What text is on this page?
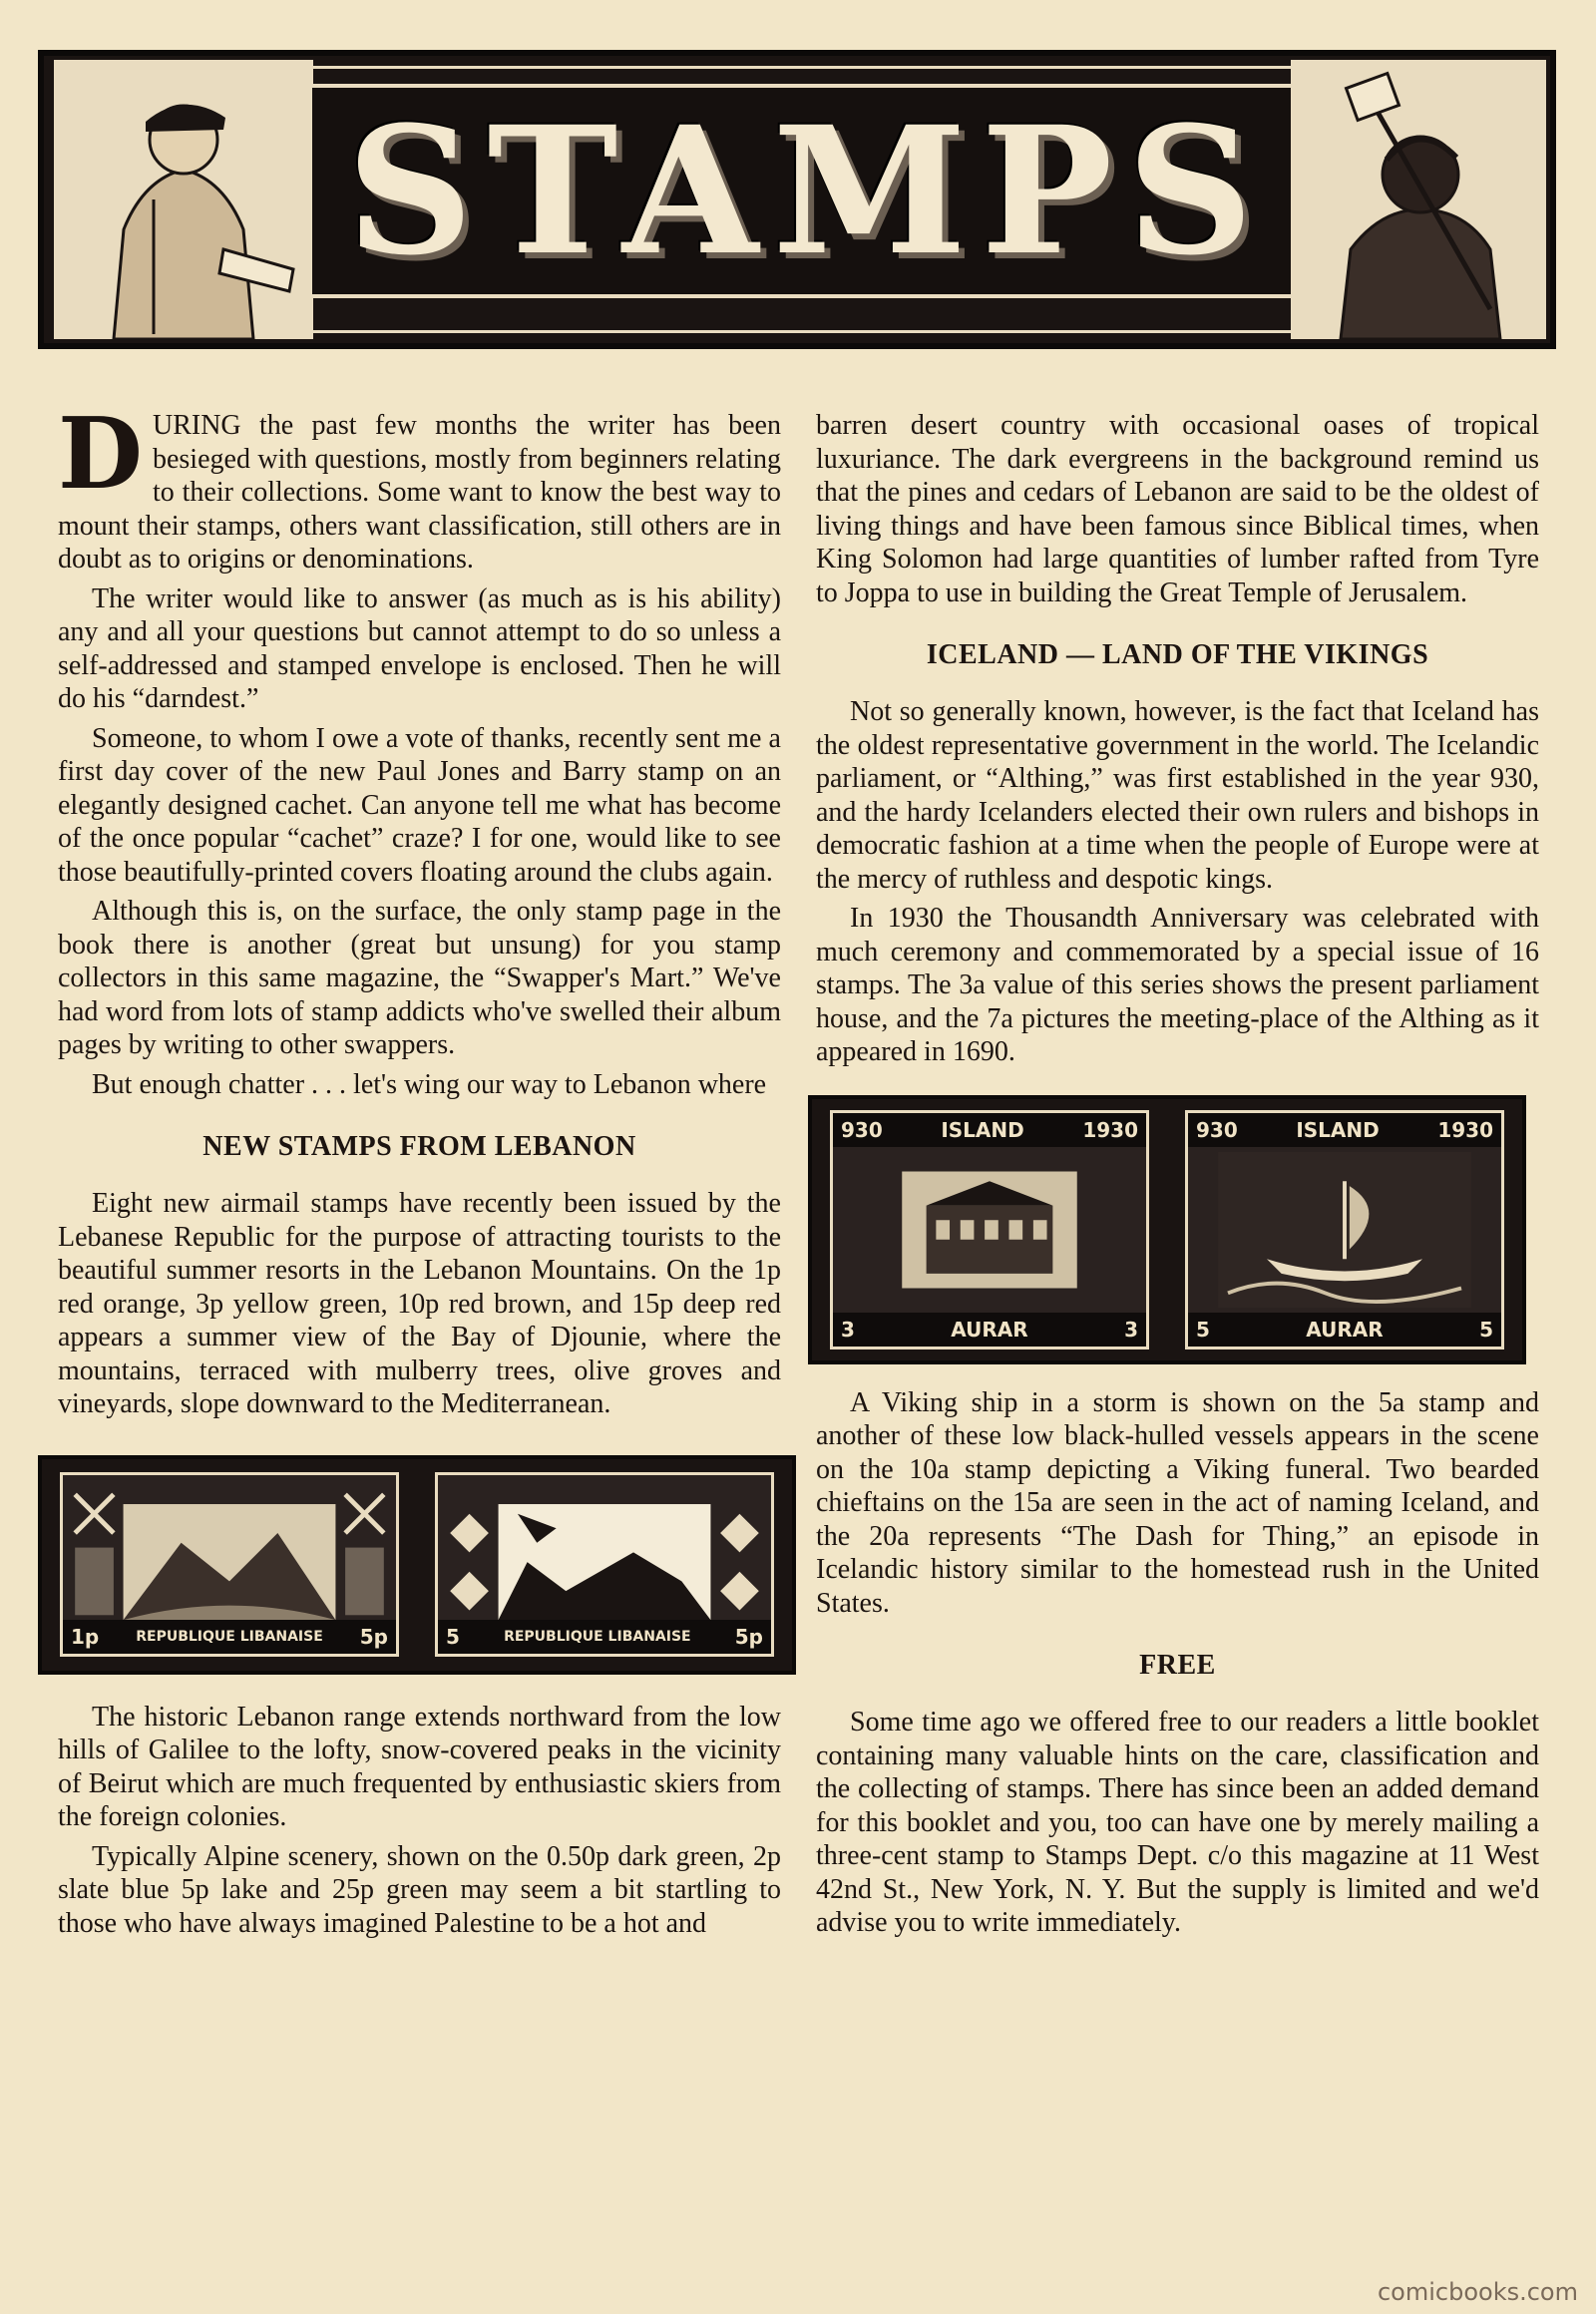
STAMPS

DURING the past few months the writer has been besieged with questions, mostly from beginners relating to their collections. Some want to know the best way to mount their stamps, others want classification, still others are in doubt as to origins or denominations.

The writer would like to answer (as much as is his ability) any and all your questions but cannot attempt to do so unless a self-addressed and stamped envelope is enclosed. Then he will do his “darndest.”

Someone, to whom I owe a vote of thanks, recently sent me a first day cover of the new Paul Jones and Barry stamp on an elegantly designed cachet. Can anyone tell me what has become of the once popular “cachet” craze? I for one, would like to see those beautifully-printed covers floating around the clubs again.

Although this is, on the surface, the only stamp page in the book there is another (great but unsung) for you stamp collectors in this same magazine, the “Swapper's Mart.” We've had word from lots of stamp addicts who've swelled their album pages by writing to other swappers.

But enough chatter . . . let's wing our way to Lebanon where

NEW STAMPS FROM LEBANON

Eight new airmail stamps have recently been issued by the Lebanese Republic for the purpose of attracting tourists to the beautiful summer resorts in the Lebanon Mountains. On the 1p red orange, 3p yellow green, 10p red brown, and 15p deep red appears a summer view of the Bay of Djounie, where the mountains, terraced with mulberry trees, olive groves and vineyards, slope downward to the Mediterranean.

1p	REPUBLIQUE LIBANAISE 5p	5	REPUBLIQUE LIBANAISE 5p

The historic Lebanon range extends northward from the low hills of Galilee to the lofty, snow-covered peaks in the vicinity of Beirut which are much frequented by enthusiastic skiers from the foreign colonies.

Typically Alpine scenery, shown on the 0.50p dark green, 2p slate blue 5p lake and 25p green may seem a bit startling to those who have always imagined Palestine to be a hot and

barren desert country with occasional oases of tropical luxuriance. The dark evergreens in the background remind us that the pines and cedars of Lebanon are said to be the oldest of living things and have been famous since Biblical times, when King Solomon had large quantities of lumber rafted from Tyre to Joppa to use in building the Great Temple of Jerusalem.

ICELAND — LAND OF THE VIKINGS

Not so generally known, however, is the fact that Iceland has the oldest representative government in the world. The Icelandic parliament, or “Althing,” was first established in the year 930, and the hardy Icelanders elected their own rulers and bishops in democratic fashion at a time when the people of Europe were at the mercy of ruthless and despotic kings.

In 1930 the Thousandth Anniversary was celebrated with much ceremony and commemorated by a special issue of 16 stamps. The 3a value of this series shows the present parliament house, and the 7a pictures the meeting-place of the Althing as it appeared in 1690.

930	ISLAND	1930
3	AURAR	3
930	ISLAND	1930
5	AURAR	5

A Viking ship in a storm is shown on the 5a stamp and another of these low black-hulled vessels appears in the scene on the 10a stamp depicting a Viking funeral. Two bearded chieftains on the 15a are seen in the act of naming Iceland, and the 20a represents “The Dash for Thing,” an episode in Icelandic history similar to the homestead rush in the United States.

FREE

Some time ago we offered free to our readers a little booklet containing many valuable hints on the care, classification and the collecting of stamps. There has since been an added demand for this booklet and you, too can have one by merely mailing a three-cent stamp to Stamps Dept. c/o this magazine at 11 West 42nd St., New York, N. Y. But the supply is limited and we'd advise you to write immediately.

comicbooks.com
